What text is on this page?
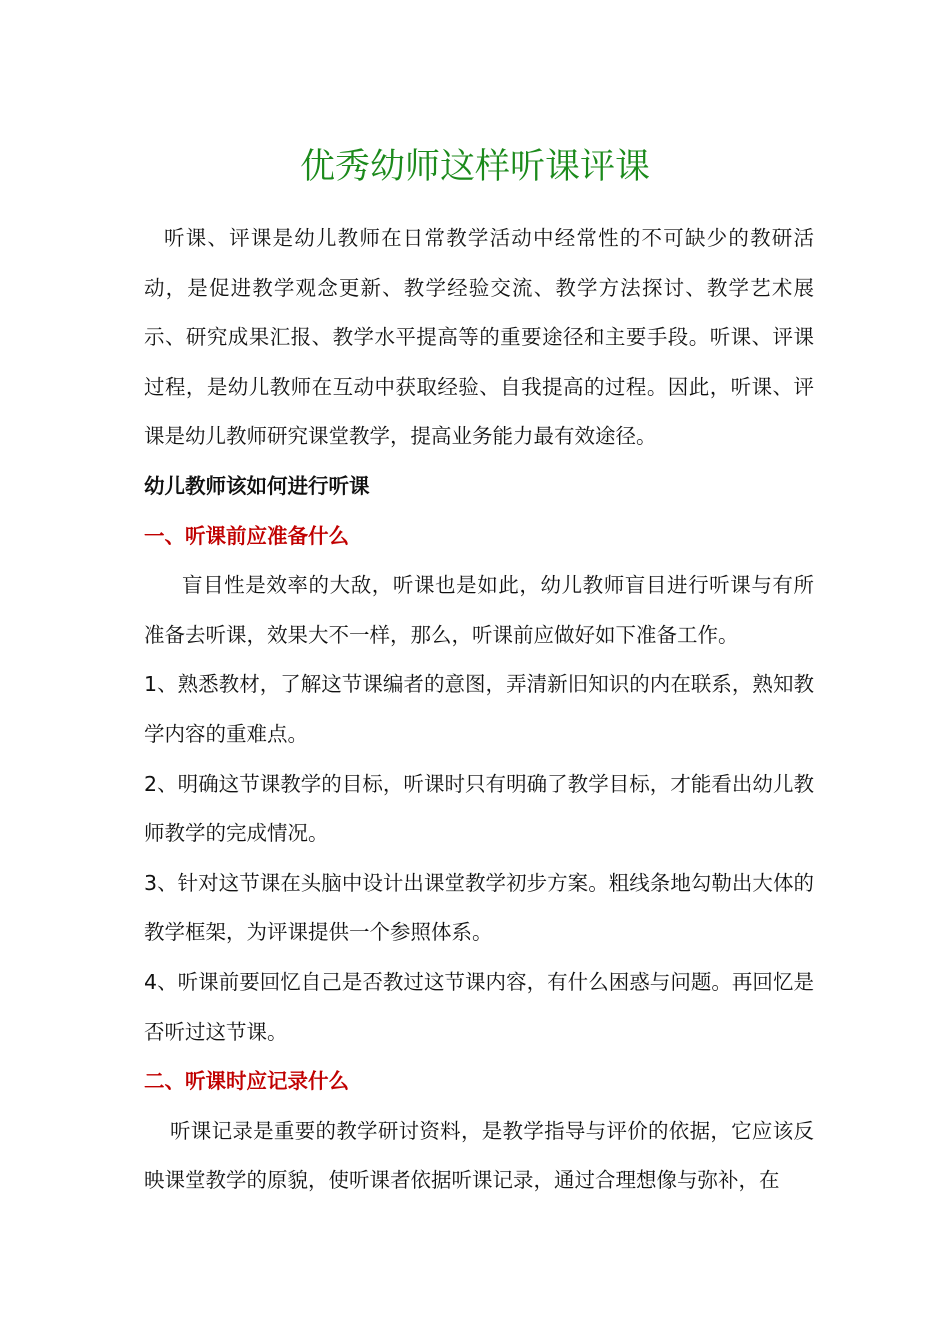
优秀幼师这样听课评课

听课、评课是幼儿教师在日常教学活动中经常性的不可缺少的教研活动，是促进教学观念更新、教学经验交流、教学方法探讨、教学艺术展示、研究成果汇报、教学水平提高等的重要途径和主要手段。听课、评课过程，是幼儿教师在互动中获取经验、自我提高的过程。因此，听课、评课是幼儿教师研究课堂教学，提高业务能力最有效途径。

幼儿教师该如何进行听课

一、听课前应准备什么

盲目性是效率的大敌，听课也是如此，幼儿教师盲目进行听课与有所准备去听课，效果大不一样，那么，听课前应做好如下准备工作。

1、熟悉教材，了解这节课编者的意图，弄清新旧知识的内在联系，熟知教学内容的重难点。

2、明确这节课教学的目标，听课时只有明确了教学目标，才能看出幼儿教师教学的完成情况。

3、针对这节课在头脑中设计出课堂教学初步方案。粗线条地勾勒出大体的教学框架，为评课提供一个参照体系。

4、听课前要回忆自己是否教过这节课内容，有什么困惑与问题。再回忆是否听过这节课。

二、听课时应记录什么

听课记录是重要的教学研讨资料，是教学指导与评价的依据，它应该反映课堂教学的原貌，使听课者依据听课记录，通过合理想像与弥补，在
